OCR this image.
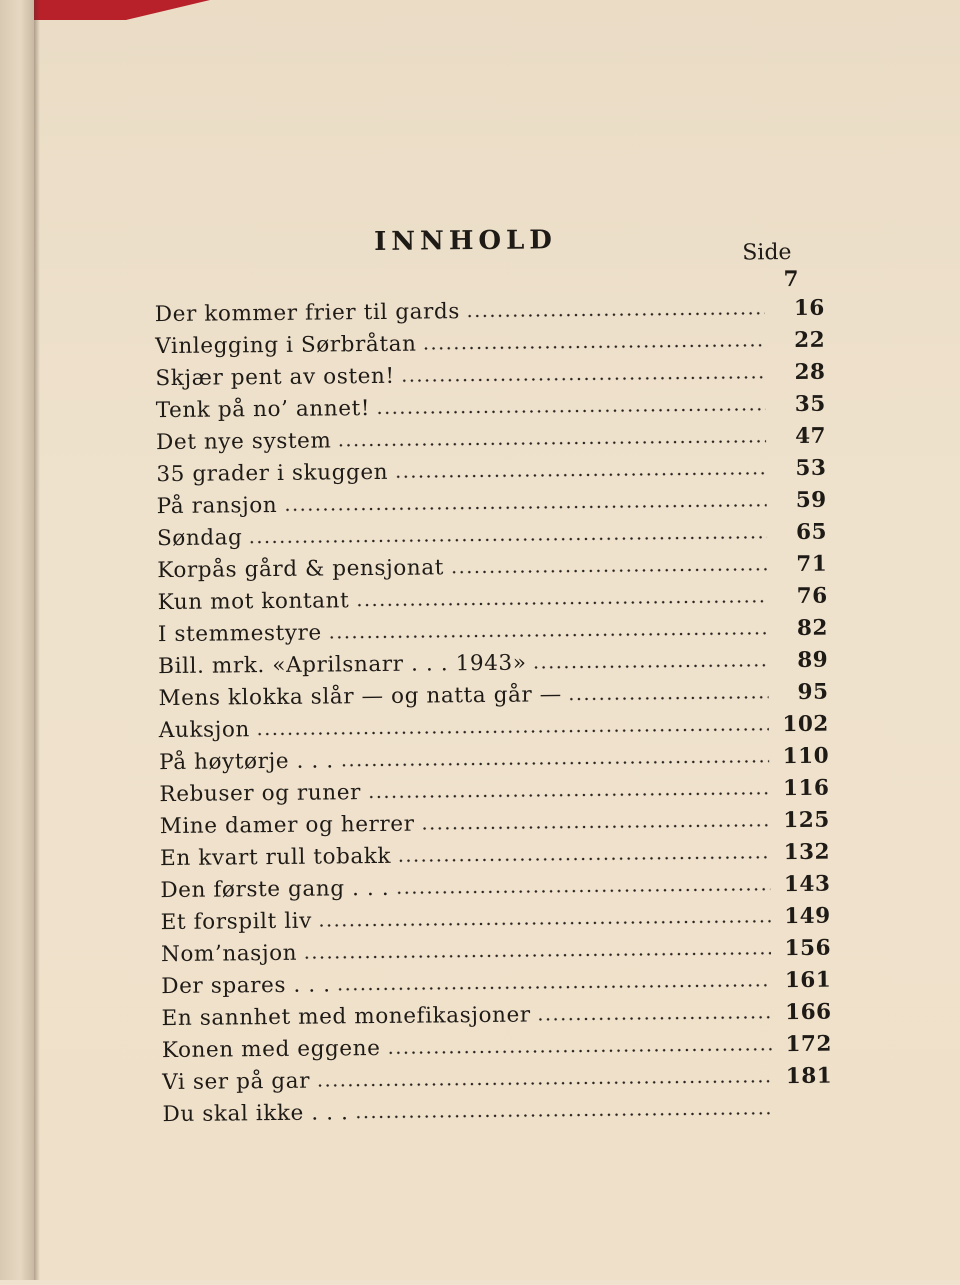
INNHOLD	Side
7
Der kommer frier til gards	16
Vinlegging i Sørbråtan	22
Skjær pent av osten!	28
Tenk på no’ annet!	35
Det nye system	47
35 grader i skuggen	53
På ransjon	59
Søndag	65
Korpås gård & pensjonat	71
Kun mot kontant	76
I stemmestyre	82
Bill. mrk. «Aprilsnarr . . . 1943»	89
Mens klokka slår — og natta går —	95
Auksjon	102
På høytørje . . .	110
Rebuser og runer	116
Mine damer og herrer	125
En kvart rull tobakk	132
Den første gang . . .	143
Et forspilt liv	149
Nom’nasjon	156
Der spares . . .	161
En sannhet med monefikasjoner	166
Konen med eggene	172
Vi ser på gar	181
Du skal ikke . . .
